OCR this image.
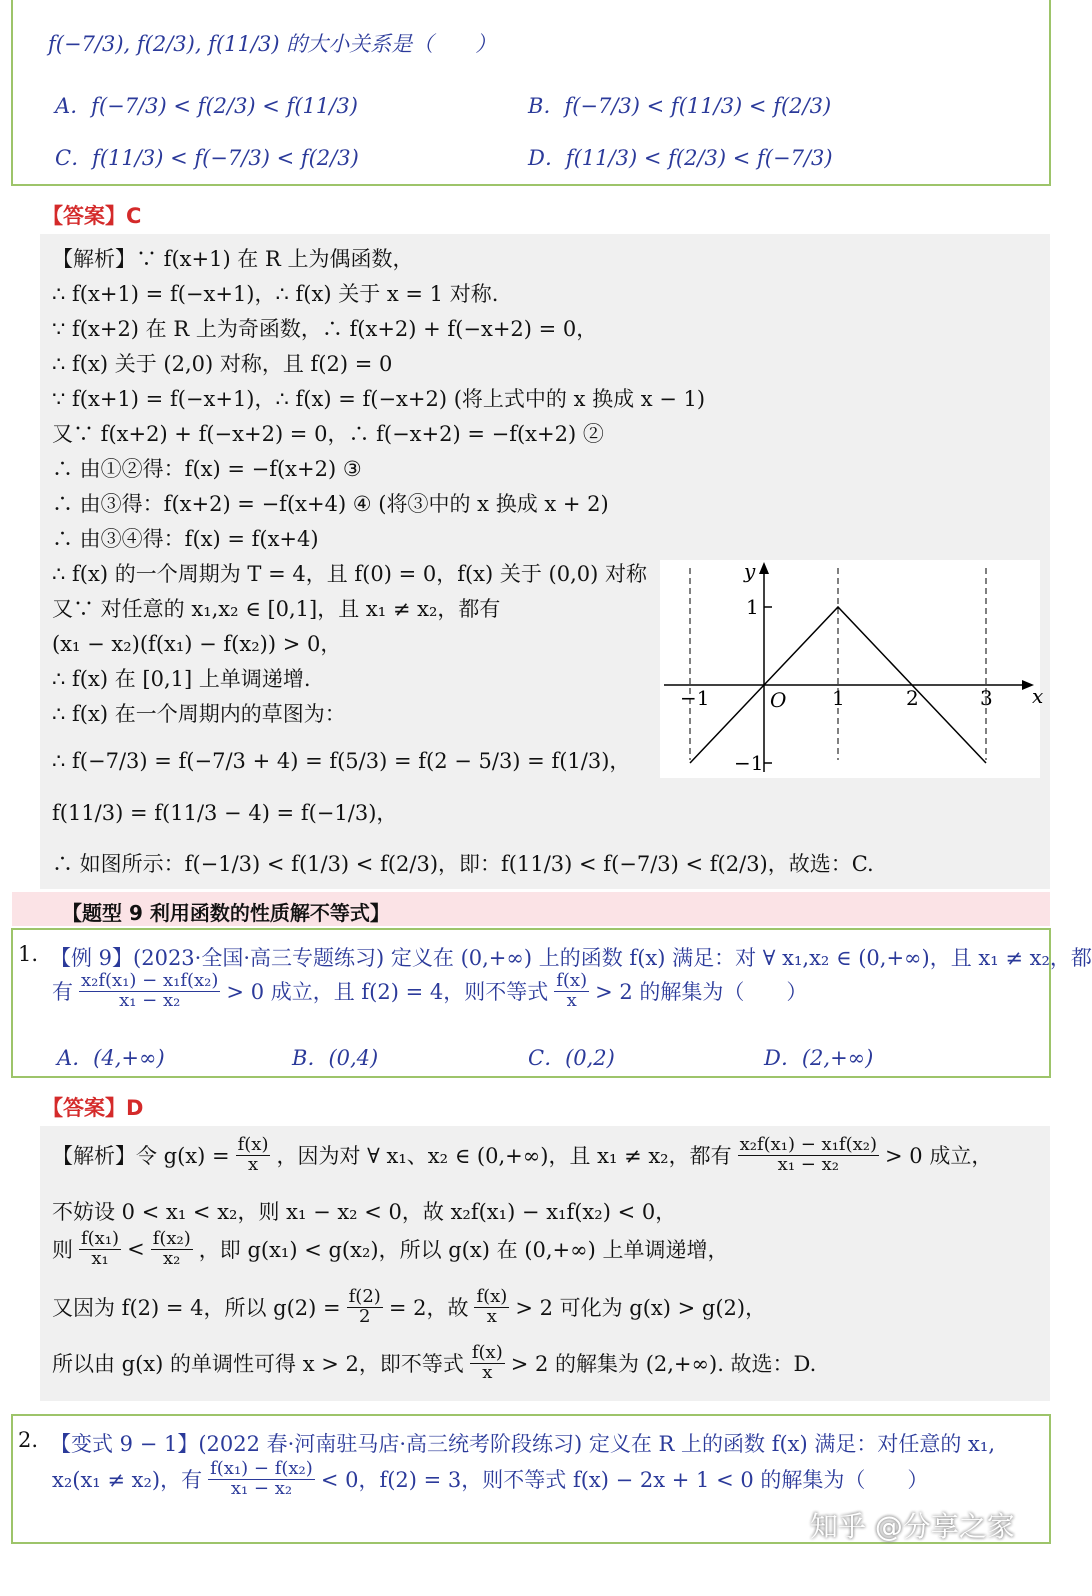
f(−7/3), f(2/3), f(11/3) 的大小关系是（　　）
A．f(−7/3) < f(2/3) < f(11/3)	B．f(−7/3) < f(11/3) < f(2/3)
C．f(11/3) < f(−7/3) < f(2/3)	D．f(11/3) < f(2/3) < f(−7/3)
【答案】C
【解析】∵ f(x+1) 在 R 上为偶函数，
∴ f(x+1) = f(−x+1)，∴ f(x) 关于 x = 1 对称.
∵ f(x+2) 在 R 上为奇函数，∴ f(x+2) + f(−x+2) = 0，
∴ f(x) 关于 (2,0) 对称，且 f(2) = 0
∵ f(x+1) = f(−x+1)，∴ f(x) = f(−x+2) (将上式中的 x 换成 x − 1)
又∵ f(x+2) + f(−x+2) = 0，∴ f(−x+2) = −f(x+2) ②
∴ 由①②得：f(x) = −f(x+2) ③
∴ 由③得：f(x+2) = −f(x+4) ④ (将③中的 x 换成 x + 2)
∴ 由③④得：f(x) = f(x+4)
∴ f(x) 的一个周期为 T = 4，且 f(0) = 0，f(x) 关于 (0,0) 对称
又∵ 对任意的 x₁,x₂ ∈ [0,1]，且 x₁ ≠ x₂，都有
(x₁ − x₂)(f(x₁) − f(x₂)) > 0，
∴ f(x) 在 [0,1] 上单调递增.
∴ f(x) 在一个周期内的草图为：
∴ f(−7/3) = f(−7/3 + 4) = f(5/3) = f(2 − 5/3) = f(1/3)，
f(11/3) = f(11/3 − 4) = f(−1/3)，
∴ 如图所示：f(−1/3) < f(1/3) < f(2/3)，即：f(11/3) < f(−7/3) < f(2/3)，故选：C.
x
y
O
−1	1	2	3
1
−1
【题型 9 利用函数的性质解不等式】
1. 【例 9】(2023·全国·高三专题练习) 定义在 (0,+∞) 上的函数 f(x) 满足：对 ∀ x₁,x₂ ∈ (0,+∞)，且 x₁ ≠ x₂，都
有 x₂f(x₁) − x₁f(x₂)
x₁ − x₂ > 0 成立，且 f(2) = 4，则不等式 f(x)
x > 2 的解集为（　　）
A．(4,+∞)	B．(0,4)	C．(0,2)	D．(2,+∞)
【答案】D
【解析】令 $g(x) = \frac{f(x)}{x}$ ，因为对 ∀ x₁、x₂ ∈ (0,+∞)，且 x₁ ≠ x₂，都有 x₂f(x₁) − x₁f(x₂)
x₁ − x₂ > 0 成立，
不妨设 0 < x₁ < x₂，则 x₁ − x₂ < 0，故 x₂f(x₁) − x₁f(x₂) < 0，
则 f(x₁)
x₁ < f(x₂)
x₂ ，即 g(x₁) < g(x₂)，所以 g(x) 在 (0,+∞) 上单调递增，
又因为 f(2) = 4，所以 $g(2) = \frac{f(2)}{2} = 2$，故 f(x)
x > 2 可化为 g(x) > g(2)，
所以由 g(x) 的单调性可得 x > 2，即不等式 f(x)
x > 2 的解集为 (2,+∞). 故选：D.
2. 【变式 9 − 1】(2022 春·河南驻马店·高三统考阶段练习) 定义在 R 上的函数 f(x) 满足：对任意的 x₁,
x₂(x₁ ≠ x₂)，有 f(x₁) − f(x₂)
x₁ − x₂ < 0，f(2) = 3，则不等式 f(x) − 2x + 1 < 0 的解集为（　　）
知乎 @分享之家
